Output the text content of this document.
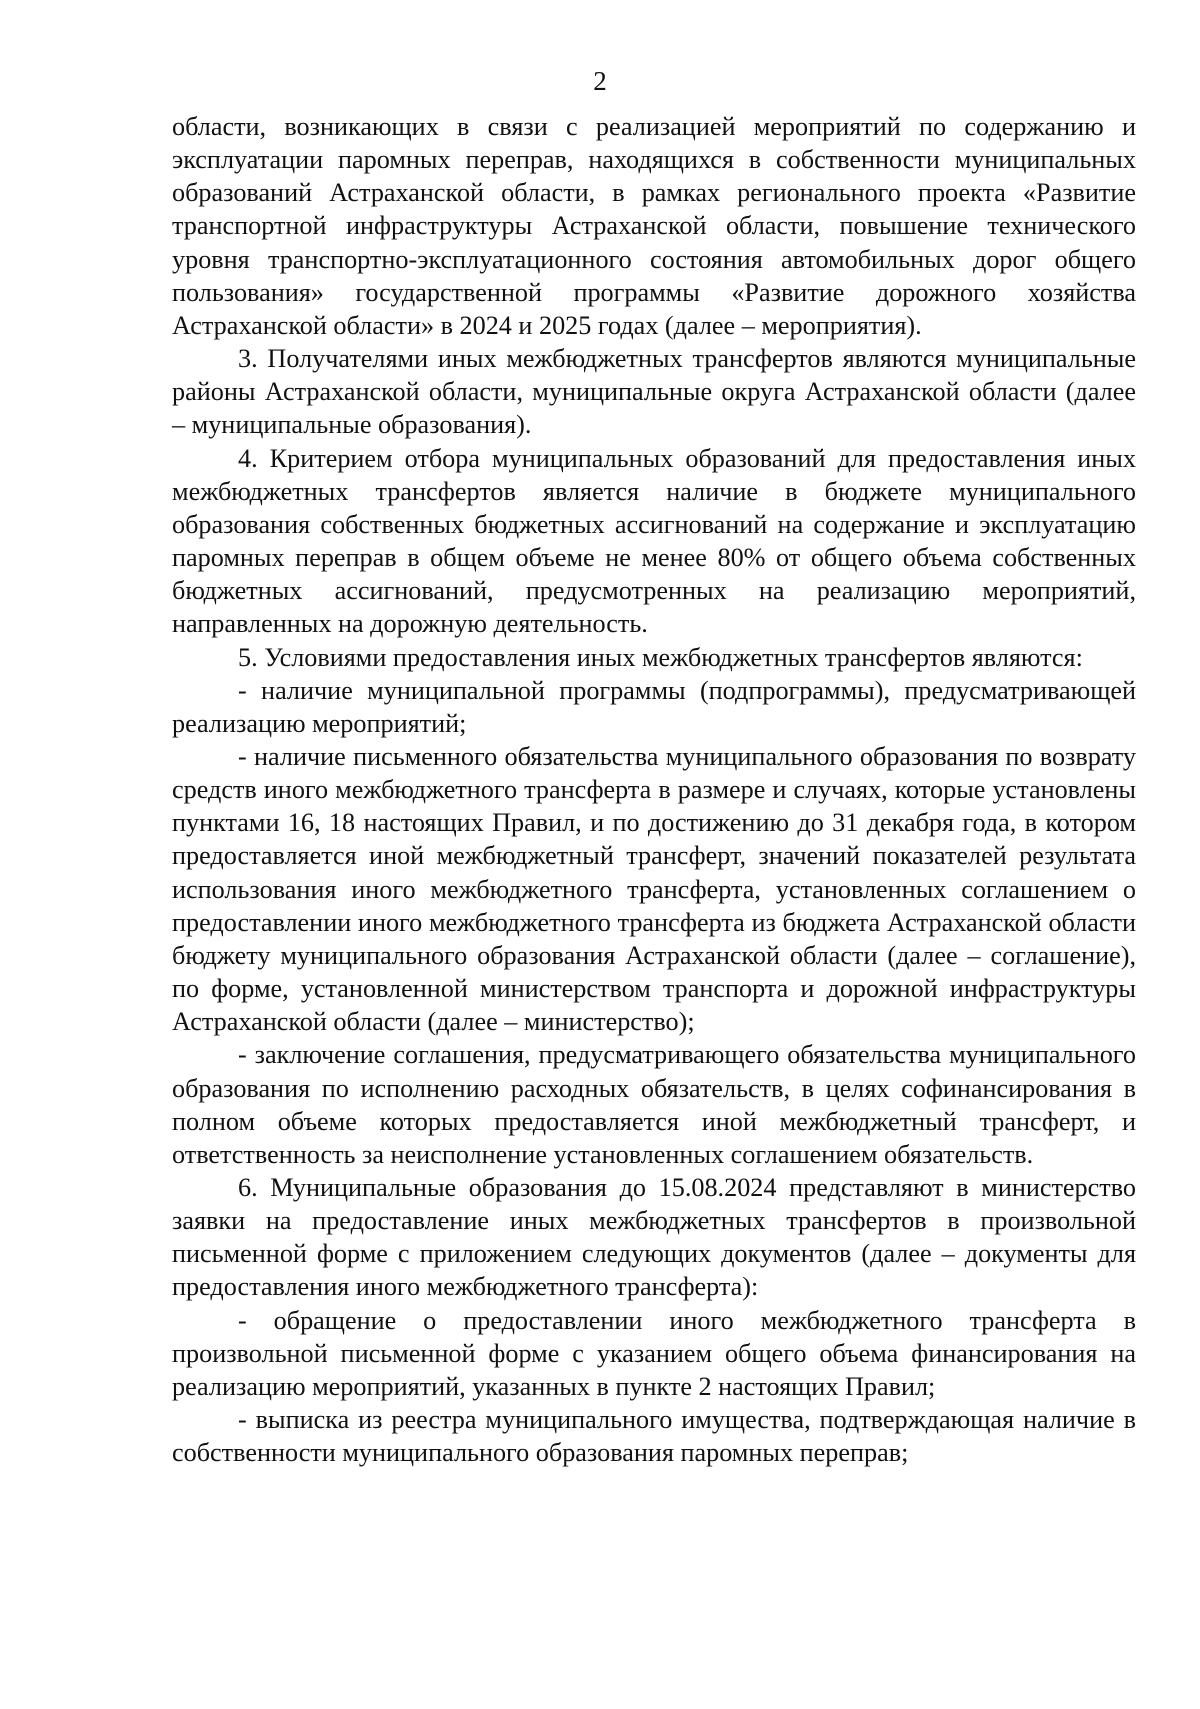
2

области, возникающих в связи с реализацией мероприятий по содержанию и эксплуатации паромных переправ, находящихся в собственности муниципальных образований Астраханской области, в рамках регионального проекта «Развитие транспортной инфраструктуры Астраханской области, повышение технического уровня транспортно-эксплуатационного состояния автомобильных дорог общего пользования» государственной программы «Развитие дорожного хозяйства Астраханской области» в 2024 и 2025 годах (далее – мероприятия).

3. Получателями иных межбюджетных трансфертов являются муниципальные районы Астраханской области, муниципальные округа Астраханской области (далее – муниципальные образования).

4. Критерием отбора муниципальных образований для предоставления иных межбюджетных трансфертов является наличие в бюджете муниципального образования собственных бюджетных ассигнований на содержание и эксплуатацию паромных переправ в общем объеме не менее 80% от общего объема собственных бюджетных ассигнований, предусмотренных на реализацию мероприятий, направленных на дорожную деятельность.

5. Условиями предоставления иных межбюджетных трансфертов являются:

- наличие муниципальной программы (подпрограммы), предусматривающей реализацию мероприятий;

- наличие письменного обязательства муниципального образования по возврату средств иного межбюджетного трансферта в размере и случаях, которые установлены пунктами 16, 18 настоящих Правил, и по достижению до 31 декабря года, в котором предоставляется иной межбюджетный трансферт, значений показателей результата использования иного межбюджетного трансферта, установленных соглашением о предоставлении иного межбюджетного трансферта из бюджета Астраханской области бюджету муниципального образования Астраханской области (далее – соглашение), по форме, установленной министерством транспорта и дорожной инфраструктуры Астраханской области (далее – министерство);

- заключение соглашения, предусматривающего обязательства муниципального образования по исполнению расходных обязательств, в целях софинансирования в полном объеме которых предоставляется иной межбюджетный трансферт, и ответственность за неисполнение установленных соглашением обязательств.

6. Муниципальные образования до 15.08.2024 представляют в министерство заявки на предоставление иных межбюджетных трансфертов в произвольной письменной форме с приложением следующих документов (далее – документы для предоставления иного межбюджетного трансферта):

- обращение о предоставлении иного межбюджетного трансферта в произвольной письменной форме с указанием общего объема финансирования на реализацию мероприятий, указанных в пункте 2 настоящих Правил;

- выписка из реестра муниципального имущества, подтверждающая наличие в собственности муниципального образования паромных переправ;
